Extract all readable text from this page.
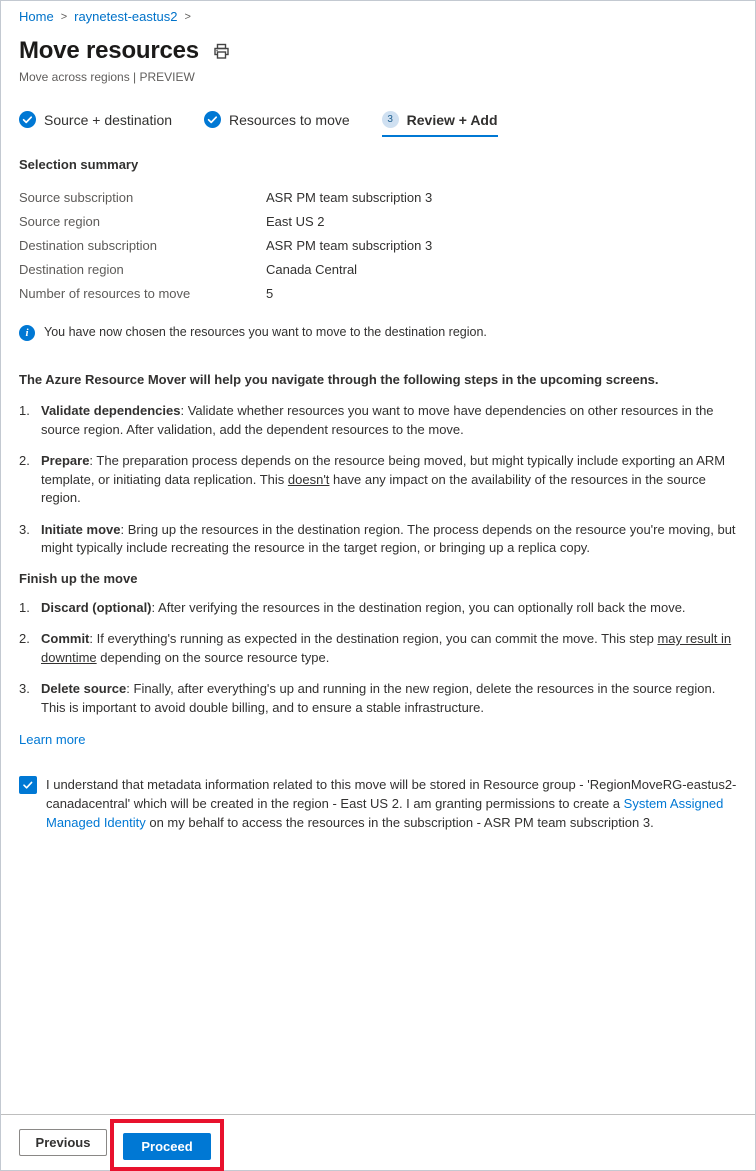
Home > raynetest-eastus2 >
Move resources
Move across regions | PREVIEW
Source + destination	Resources to move	3 Review + Add
Selection summary
Source subscription	ASR PM team subscription 3
Source region	East US 2
Destination subscription	ASR PM team subscription 3
Destination region	Canada Central
Number of resources to move	5
i	You have now chosen the resources you want to move to the destination region.
The Azure Resource Mover will help you navigate through the following steps in the upcoming screens.
1. Validate dependencies: Validate whether resources you want to move have dependencies on other resources in the source region. After validation, add the dependent resources to the move.
2. Prepare: The preparation process depends on the resource being moved, but might typically include exporting an ARM template, or initiating data replication. This doesn't have any impact on the availability of the resources in the source region.
3. Initiate move: Bring up the resources in the destination region. The process depends on the resource you're moving, but might typically include recreating the resource in the target region, or bringing up a replica copy.
Finish up the move
1. Discard (optional): After verifying the resources in the destination region, you can optionally roll back the move.
2. Commit: If everything's running as expected in the destination region, you can commit the move. This step may result in downtime depending on the source resource type.
3. Delete source: Finally, after everything's up and running in the new region, delete the resources in the source region. This is important to avoid double billing, and to ensure a stable infrastructure.
Learn more
I understand that metadata information related to this move will be stored in Resource group - 'RegionMoveRG-eastus2-canadacentral' which will be created in the region - East US 2. I am granting permissions to create a System Assigned Managed Identity on my behalf to access the resources in the subscription - ASR PM team subscription 3.
Previous	Proceed
